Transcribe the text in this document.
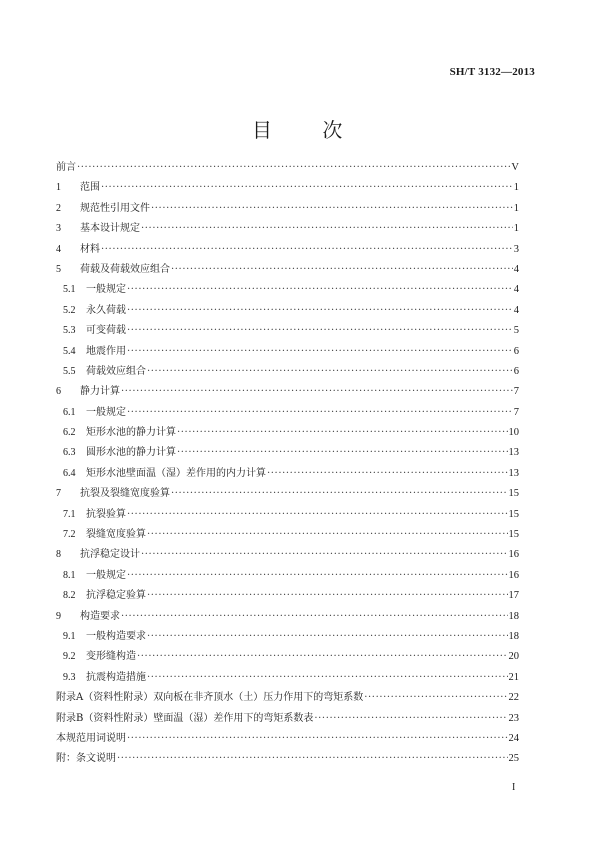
SH/T 3132—2013
目 次
前言 ·····	V
1 范围 ·····	1
2 规范性引用文件 ·····	1
3 基本设计规定 ·····	1
4 材料 ·····	3
5 荷载及荷载效应组合 ·····	4
5.1 一般规定 ·····	4
5.2 永久荷载 ·····	4
5.3 可变荷载 ·····	5
5.4 地震作用 ·····	6
5.5 荷载效应组合 ·····	6
6 静力计算 ·····	7
6.1 一般规定 ·····	7
6.2 矩形水池的静力计算 ·····	10
6.3 圆形水池的静力计算 ·····	13
6.4 矩形水池壁面温（湿）差作用的内力计算 ·····	13
7 抗裂及裂缝宽度验算 ·····	15
7.1 抗裂验算 ·····	15
7.2 裂缝宽度验算 ·····	15
8 抗浮稳定设计 ·····	16
8.1 一般规定 ·····	16
8.2 抗浮稳定验算 ·····	17
9 构造要求 ·····	18
9.1 一般构造要求 ·····	18
9.2 变形缝构造 ·····	20
9.3 抗震构造措施 ·····	21
附录A（资料性附录）双向板在非齐顶水（土）压力作用下的弯矩系数 ·····	22
附录B（资料性附录）壁面温（湿）差作用下的弯矩系数表 ·····	23
本规范用词说明 ·····	24
附：条文说明 ·····	25
I
